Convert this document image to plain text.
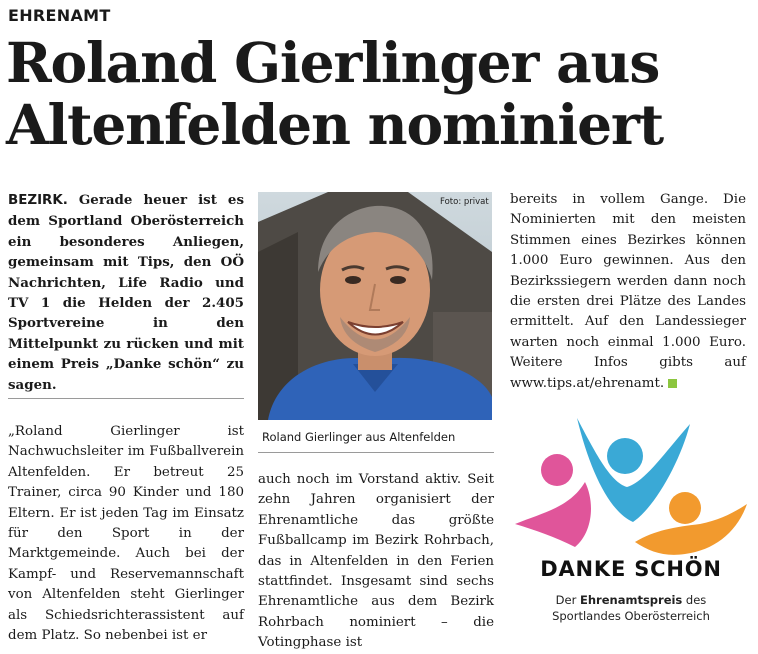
EHRENAMT
Roland Gierlinger aus Altenfelden nominiert
BEZIRK. Gerade heuer ist es dem Sportland Oberösterreich ein besonderes Anliegen, gemeinsam mit Tips, den OÖ Nachrichten, Life Radio und TV 1 die Helden der 2.405 Sportvereine in den Mittelpunkt zu rücken und mit einem Preis „Danke schön“ zu sagen.
„Roland Gierlinger ist Nachwuchsleiter im Fußballverein Altenfelden. Er betreut 25 Trainer, circa 90 Kinder und 180 Eltern. Er ist jeden Tag im Einsatz für den Sport in der Marktgemeinde. Auch bei der Kampf- und Reservemannschaft von Altenfelden steht Gierlinger als Schiedsrichterassistent auf dem Platz. So nebenbei ist er
Foto: privat
Roland Gierlinger aus Altenfelden
auch noch im Vorstand aktiv. Seit zehn Jahren organisiert der Ehrenamtliche das größte Fußballcamp im Bezirk Rohrbach, das in Altenfelden in den Ferien stattfindet. Insgesamt sind sechs Ehrenamtliche aus dem Bezirk Rohrbach nominiert – die Votingphase ist
bereits in vollem Gange. Die Nominierten mit den meisten Stimmen eines Bezirkes können 1.000 Euro gewinnen. Aus den Bezirkssiegern werden dann noch die ersten drei Plätze des Landes ermittelt. Auf den Landessieger warten noch einmal 1.000 Euro. Weitere Infos gibts auf www.tips.at/ehrenamt.
DANKE SCHÖN
Der Ehrenamtspreis des
Sportlandes Oberösterreich
